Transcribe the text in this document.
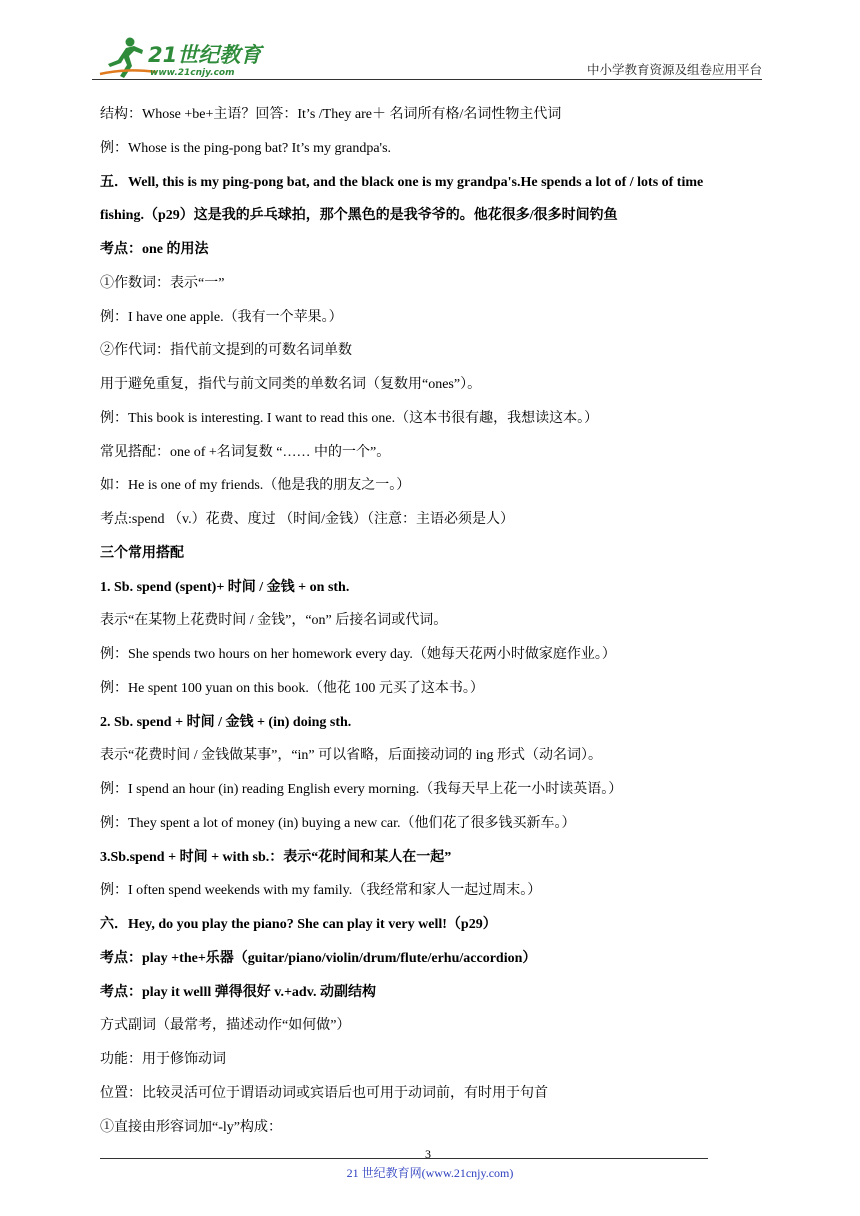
21世纪教育
www.21cnjy.com	中小学教育资源及组卷应用平台
结构：Whose +be+主语？回答：It’s /They are＋ 名词所有格/名词性物主代词
例：Whose is the ping-pong bat? It’s my grandpa's.
五．Well, this is my ping-pong bat, and the black one is my grandpa's.He spends a lot of / lots of time
fishing.（p29）这是我的乒乓球拍，那个黑色的是我爷爷的。他花很多/很多时间钓鱼
考点：one 的用法
①作数词：表示“一”
例：I have one apple.（我有一个苹果。）
②作代词：指代前文提到的可数名词单数
用于避免重复，指代与前文同类的单数名词（复数用“ones”）。
例：This book is interesting. I want to read this one.（这本书很有趣，我想读这本。）
常见搭配：one of +名词复数 “…… 中的一个”。
如：He is one of my friends.（他是我的朋友之一。）
考点:spend （v.）花费、度过 （时间/金钱）（注意：主语必须是人）
三个常用搭配
1. Sb. spend (spent)+ 时间 / 金钱 + on sth.
表示“在某物上花费时间 / 金钱”，“on” 后接名词或代词。
例：She spends two hours on her homework every day.（她每天花两小时做家庭作业。）
例：He spent 100 yuan on this book.（他花 100 元买了这本书。）
2. Sb. spend + 时间 / 金钱 + (in) doing sth.
表示“花费时间 / 金钱做某事”，“in” 可以省略，后面接动词的 ing 形式（动名词）。
例：I spend an hour (in) reading English every morning.（我每天早上花一小时读英语。）
例：They spent a lot of money (in) buying a new car.（他们花了很多钱买新车。）
3.Sb.spend + 时间 + with sb.：表示“花时间和某人在一起”
例：I often spend weekends with my family.（我经常和家人一起过周末。）
六．Hey, do you play the piano? She can play it very well!（p29）
考点：play +the+乐器（guitar/piano/violin/drum/flute/erhu/accordion）
考点：play it welll 弹得很好 v.+adv. 动副结构
方式副词（最常考，描述动作“如何做”）
功能：用于修饰动词
位置：比较灵活可位于谓语动词或宾语后也可用于动词前，有时用于句首
①直接由形容词加“-ly”构成：
3
21 世纪教育网(www.21cnjy.com)
